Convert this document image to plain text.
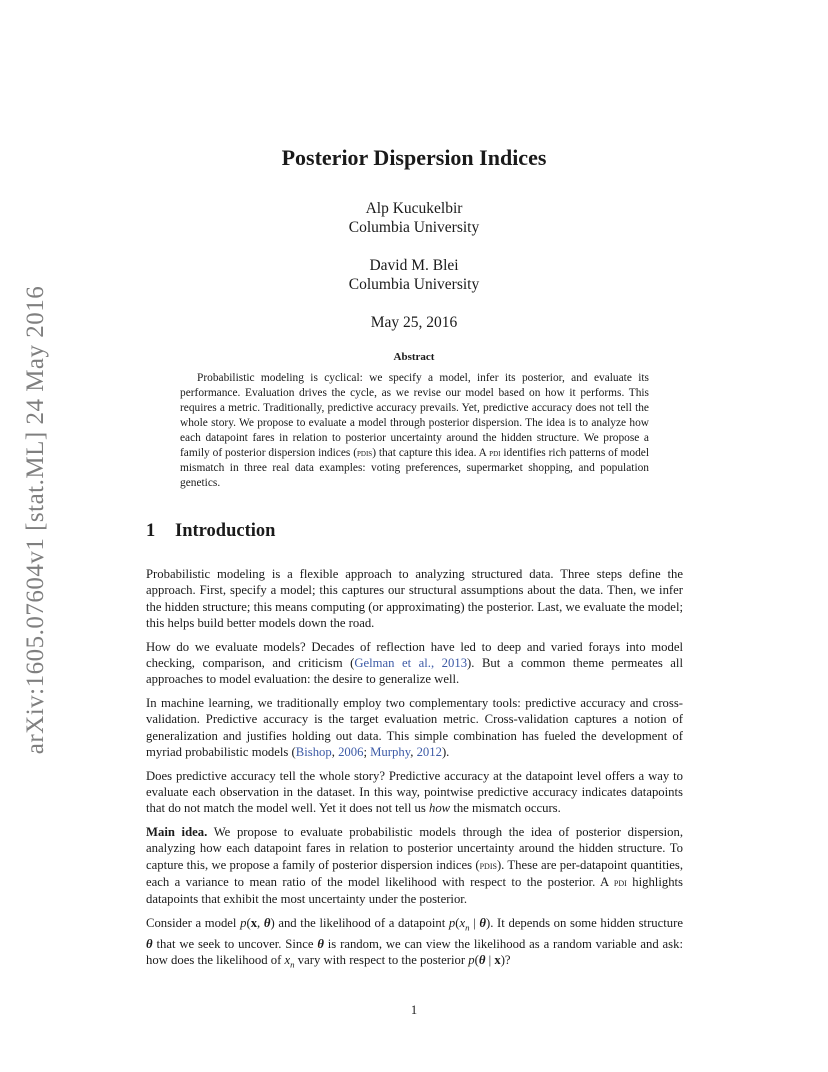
arXiv:1605.07604v1 [stat.ML] 24 May 2016
Posterior Dispersion Indices
Alp Kucukelbir
Columbia University
David M. Blei
Columbia University
May 25, 2016
Abstract

Probabilistic modeling is cyclical: we specify a model, infer its posterior, and evaluate its performance. Evaluation drives the cycle, as we revise our model based on how it performs. This requires a metric. Traditionally, predictive accuracy prevails. Yet, predictive accuracy does not tell the whole story. We propose to evaluate a model through posterior dispersion. The idea is to analyze how each datapoint fares in relation to posterior uncertainty around the hidden structure. We propose a family of posterior dispersion indices (pdis) that capture this idea. A pdi identifies rich patterns of model mismatch in three real data examples: voting preferences, supermarket shopping, and population genetics.

1 Introduction

Probabilistic modeling is a flexible approach to analyzing structured data. Three steps define the approach. First, specify a model; this captures our structural assumptions about the data. Then, we infer the hidden structure; this means computing (or approximating) the posterior. Last, we evaluate the model; this helps build better models down the road.

How do we evaluate models? Decades of reflection have led to deep and varied forays into model checking, comparison, and criticism (Gelman et al., 2013). But a common theme permeates all approaches to model evaluation: the desire to generalize well.

In machine learning, we traditionally employ two complementary tools: predictive accuracy and cross-validation. Predictive accuracy is the target evaluation metric. Cross-validation captures a notion of generalization and justifies holding out data. This simple combination has fueled the development of myriad probabilistic models (Bishop, 2006; Murphy, 2012).

Does predictive accuracy tell the whole story? Predictive accuracy at the datapoint level offers a way to evaluate each observation in the dataset. In this way, pointwise predictive accuracy indicates datapoints that do not match the model well. Yet it does not tell us how the mismatch occurs.

Main idea. We propose to evaluate probabilistic models through the idea of posterior dispersion, analyzing how each datapoint fares in relation to posterior uncertainty around the hidden structure. To capture this, we propose a family of posterior dispersion indices (pdis). These are per-datapoint quantities, each a variance to mean ratio of the model likelihood with respect to the posterior. A pdi highlights datapoints that exhibit the most uncertainty under the posterior.

Consider a model p(x, θ) and the likelihood of a datapoint $p(x_n$ | θ). It depends on some hidden structure θ that we seek to uncover. Since θ is random, we can view the likelihood as a random variable and ask: how does the likelihood of $x_n$ vary with respect to the posterior p(θ | x)?

1
